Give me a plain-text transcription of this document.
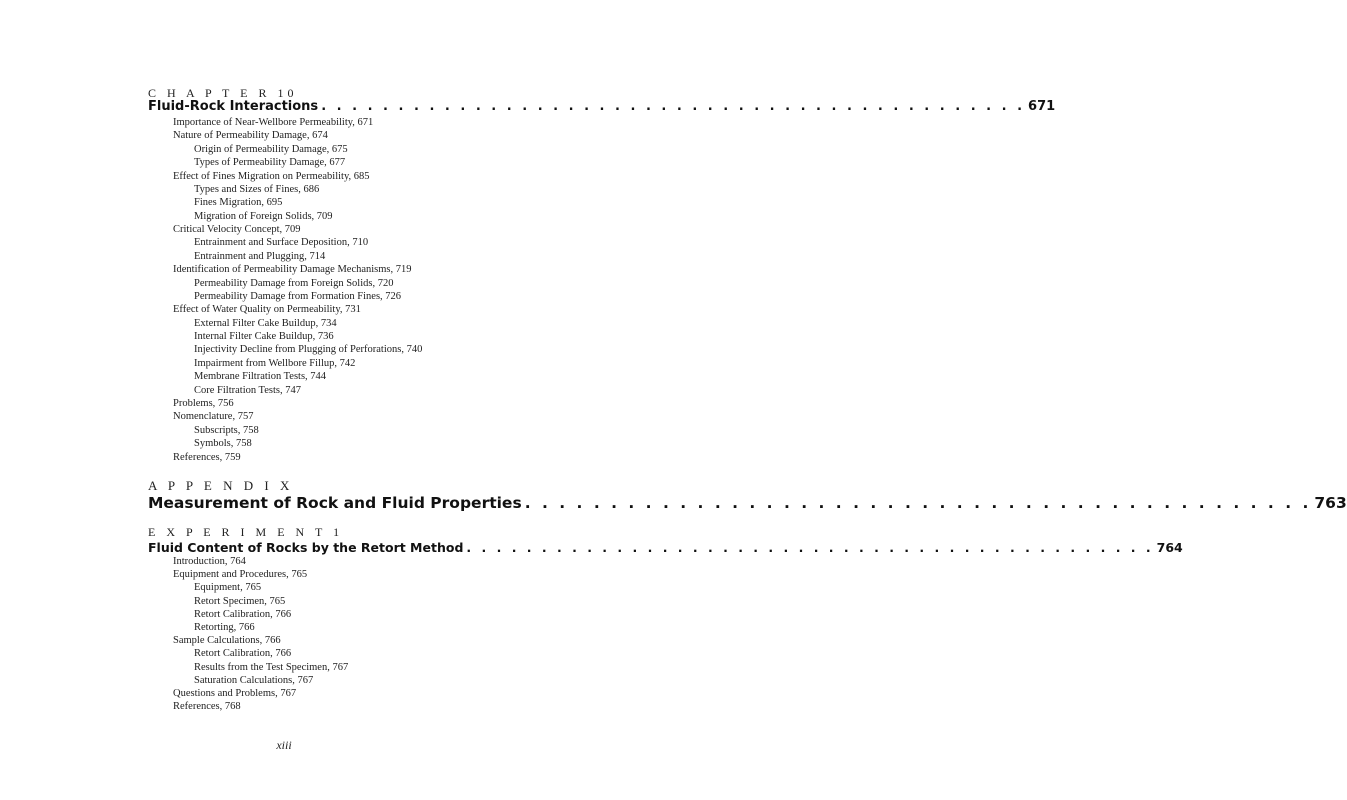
C H A P T E R 10
Fluid-Rock Interactions . . .	671
Importance of Near-Wellbore Permeability, 671
Nature of Permeability Damage, 674
Origin of Permeability Damage, 675
Types of Permeability Damage, 677
Effect of Fines Migration on Permeability, 685
Types and Sizes of Fines, 686
Fines Migration, 695
Migration of Foreign Solids, 709
Critical Velocity Concept, 709
Entrainment and Surface Deposition, 710
Entrainment and Plugging, 714
Identification of Permeability Damage Mechanisms, 719
Permeability Damage from Foreign Solids, 720
Permeability Damage from Formation Fines, 726
Effect of Water Quality on Permeability, 731
External Filter Cake Buildup, 734
Internal Filter Cake Buildup, 736
Injectivity Decline from Plugging of Perforations, 740
Impairment from Wellbore Fillup, 742
Membrane Filtration Tests, 744
Core Filtration Tests, 747
Problems, 756
Nomenclature, 757
Subscripts, 758
Symbols, 758
References, 759
A P P E N D I X
Measurement of Rock and Fluid Properties . . .	763
E X P E R I M E N T 1
Fluid Content of Rocks by the Retort Method . . .	764
Introduction, 764
Equipment and Procedures, 765
Equipment, 765
Retort Specimen, 765
Retort Calibration, 766
Retorting, 766
Sample Calculations, 766
Retort Calibration, 766
Results from the Test Specimen, 767
Saturation Calculations, 767
Questions and Problems, 767
References, 768
xiii
